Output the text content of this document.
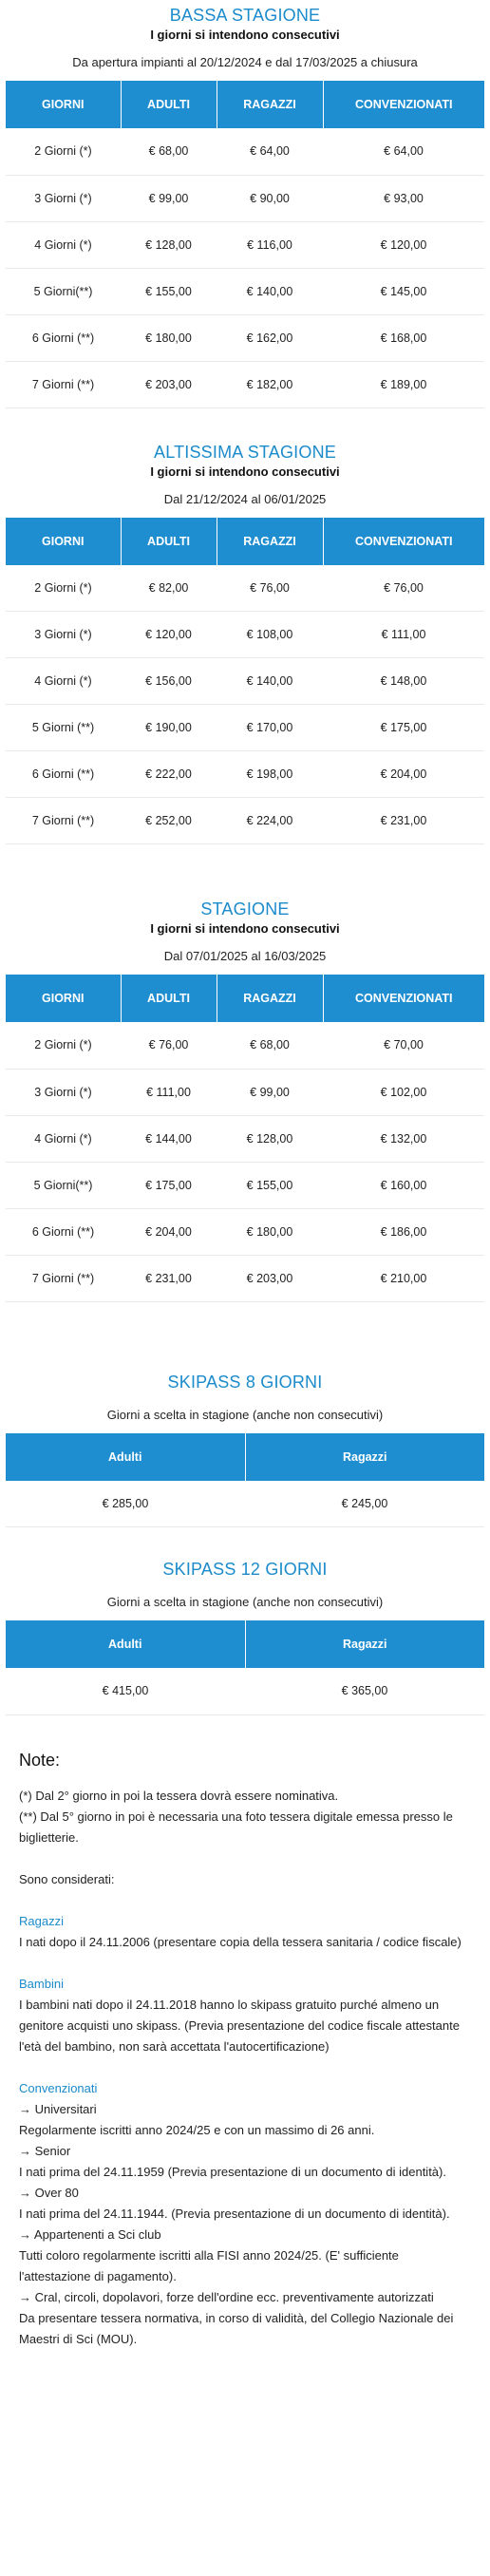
BASSA STAGIONE
I giorni si intendono consecutivi
Da apertura impianti al 20/12/2024 e dal 17/03/2025 a chiusura
GIORNI	ADULTI	RAGAZZI	CONVENZIONATI
2 Giorni (*)	€ 68,00	€ 64,00	€ 64,00
3 Giorni (*)	€ 99,00	€ 90,00	€ 93,00
4 Giorni (*)	€ 128,00	€ 116,00	€ 120,00
5 Giorni(**)	€ 155,00	€ 140,00	€ 145,00
6 Giorni (**)	€ 180,00	€ 162,00	€ 168,00
7 Giorni (**)	€ 203,00	€ 182,00	€ 189,00
ALTISSIMA STAGIONE
I giorni si intendono consecutivi
Dal 21/12/2024 al 06/01/2025
GIORNI	ADULTI	RAGAZZI	CONVENZIONATI
2 Giorni (*)	€ 82,00	€ 76,00	€ 76,00
3 Giorni (*)	€ 120,00	€ 108,00	€ 111,00
4 Giorni (*)	€ 156,00	€ 140,00	€ 148,00
5 Giorni (**)	€ 190,00	€ 170,00	€ 175,00
6 Giorni (**)	€ 222,00	€ 198,00	€ 204,00
7 Giorni (**)	€ 252,00	€ 224,00	€ 231,00
STAGIONE
I giorni si intendono consecutivi
Dal 07/01/2025 al 16/03/2025
GIORNI	ADULTI	RAGAZZI	CONVENZIONATI
2 Giorni (*)	€ 76,00	€ 68,00	€ 70,00
3 Giorni (*)	€ 111,00	€ 99,00	€ 102,00
4 Giorni (*)	€ 144,00	€ 128,00	€ 132,00
5 Giorni(**)	€ 175,00	€ 155,00	€ 160,00
6 Giorni (**)	€ 204,00	€ 180,00	€ 186,00
7 Giorni (**)	€ 231,00	€ 203,00	€ 210,00
SKIPASS 8 GIORNI
Giorni a scelta in stagione (anche non consecutivi)
Adulti	Ragazzi
€ 285,00	€ 245,00
SKIPASS 12 GIORNI
Giorni a scelta in stagione (anche non consecutivi)
Adulti	Ragazzi
€ 415,00	€ 365,00
Note:

(*) Dal 2° giorno in poi la tessera dovrà essere nominativa.

(**) Dal 5° giorno in poi è necessaria una foto tessera digitale emessa presso le biglietterie.

Sono considerati:

Ragazzi

I nati dopo il 24.11.2006 (presentare copia della tessera sanitaria / codice fiscale)

Bambini

I bambini nati dopo il 24.11.2018 hanno lo skipass gratuito purché almeno un genitore acquisti uno skipass. (Previa presentazione del codice fiscale attestante l'età del bambino, non sarà accettata l'autocertificazione)

Convenzionati

→ Universitari

Regolarmente iscritti anno 2024/25 e con un massimo di 26 anni.

→ Senior

I nati prima del 24.11.1959 (Previa presentazione di un documento di identità).

→ Over 80

I nati prima del 24.11.1944. (Previa presentazione di un documento di identità).

→ Appartenenti a Sci club

Tutti coloro regolarmente iscritti alla FISI anno 2024/25. (E' sufficiente l'attestazione di pagamento).

→ Cral, circoli, dopolavori, forze dell'ordine ecc. preventivamente autorizzati

Da presentare tessera normativa, in corso di validità, del Collegio Nazionale dei Maestri di Sci (MOU).
